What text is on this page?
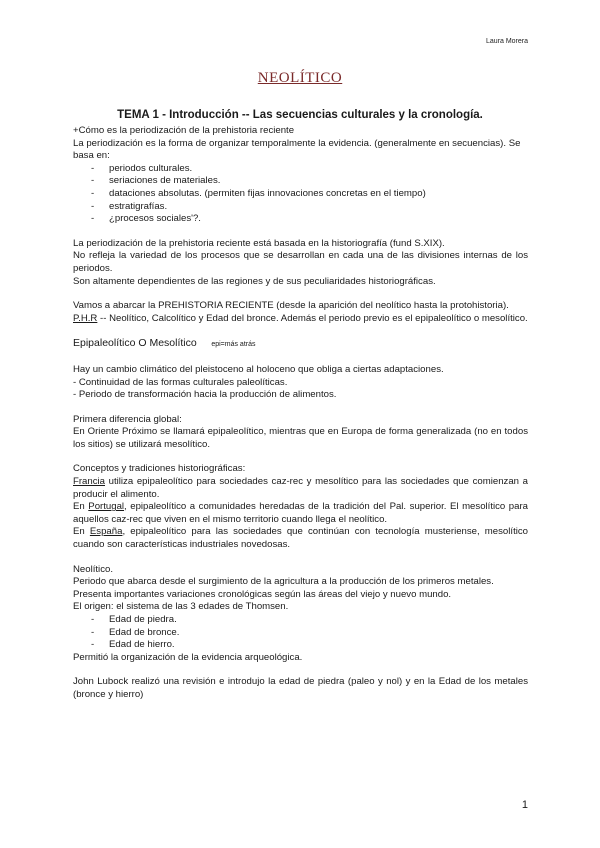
Laura Morera
NEOLÍTICO
TEMA 1 - Introducción -- Las secuencias culturales y la cronología.

+Cómo es la periodización de la prehistoria reciente

La periodización es la forma de organizar temporalmente la evidencia. (generalmente en secuencias). Se basa en:

- periodos culturales.
- seriaciones de materiales.
- dataciones absolutas. (permiten fijas innovaciones concretas en el tiempo)
- estratigrafías.
- ¿procesos sociales'?.

La periodización de la prehistoria reciente está basada en la historiografía (fund S.XIX).

No refleja la variedad de los procesos que se desarrollan en cada una de las divisiones internas de los periodos.

Son altamente dependientes de las regiones y de sus peculiaridades historiográficas.

Vamos a abarcar la PREHISTORIA RECIENTE (desde la aparición del neolítico hasta la protohistoria).

P.H.R -- Neolítico, Calcolítico y Edad del bronce. Además el periodo previo es el epipaleolítico o mesolítico.

Epipaleolítico O Mesolítico epi=más atrás

Hay un cambio climático del pleistoceno al holoceno que obliga a ciertas adaptaciones.

- Continuidad de las formas culturales paleolíticas.

- Periodo de transformación hacia la producción de alimentos.

Primera diferencia global:

En Oriente Próximo se llamará epipaleolítico, mientras que en Europa de forma generalizada (no en todos los sitios) se utilizará mesolítico.

Conceptos y tradiciones historiográficas:

Francia utiliza epipaleolítico para sociedades caz-rec y mesolítico para las sociedades que comienzan a producir el alimento.

En Portugal, epipaleolítico a comunidades heredadas de la tradición del Pal. superior. El mesolítico para aquellos caz-rec que viven en el mismo territorio cuando llega el neolítico.

En España, epipaleolítico para las sociedades que continúan con tecnología musteriense, mesolítico cuando son características industriales novedosas.

Neolítico.

Periodo que abarca desde el surgimiento de la agricultura a la producción de los primeros metales.

Presenta importantes variaciones cronológicas según las áreas del viejo y nuevo mundo.

El origen: el sistema de las 3 edades de Thomsen.

- Edad de piedra.
- Edad de bronce.
- Edad de hierro.

Permitió la organización de la evidencia arqueológica.

John Lubock realizó una revisión e introdujo la edad de piedra (paleo y nol) y en la Edad de los metales (bronce y hierro)

1
